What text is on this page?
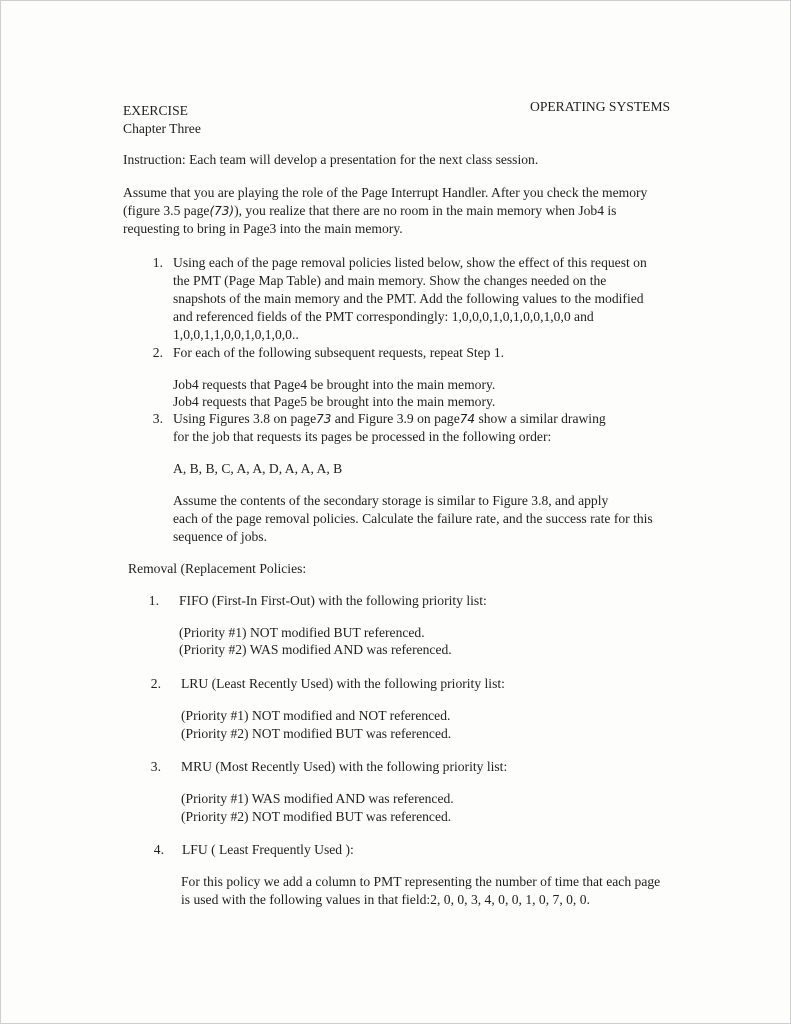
EXERCISE
Chapter Three
OPERATING SYSTEMS
Instruction: Each team will develop a presentation for the next class session.
Assume that you are playing the role of the Page Interrupt Handler. After you check the memory
(figure 3.5 page(73)), you realize that there are no room in the main memory when Job4 is
requesting to bring in Page3 into the main memory.
1. Using each of the page removal policies listed below, show the effect of this request on
the PMT (Page Map Table) and main memory. Show the changes needed on the
snapshots of the main memory and the PMT. Add the following values to the modified
and referenced fields of the PMT correspondingly: 1,0,0,0,1,0,1,0,0,1,0,0 and
1,0,0,1,1,0,0,1,0,1,0,0..
2. For each of the following subsequent requests, repeat Step 1.
Job4 requests that Page4 be brought into the main memory.
Job4 requests that Page5 be brought into the main memory.
3. Using Figures 3.8 on page73 and Figure 3.9 on page74 show a similar drawing
for the job that requests its pages be processed in the following order:
A, B, B, C, A, A, D, A, A, A, B
Assume the contents of the secondary storage is similar to Figure 3.8, and apply
each of the page removal policies. Calculate the failure rate, and the success rate for this
sequence of jobs.
Removal (Replacement Policies:
1. FIFO (First-In First-Out) with the following priority list:
(Priority #1) NOT modified BUT referenced.
(Priority #2) WAS modified AND was referenced.
2. LRU (Least Recently Used) with the following priority list:
(Priority #1) NOT modified and NOT referenced.
(Priority #2) NOT modified BUT was referenced.
3. MRU (Most Recently Used) with the following priority list:
(Priority #1) WAS modified AND was referenced.
(Priority #2) NOT modified BUT was referenced.
4. LFU ( Least Frequently Used ):
For this policy we add a column to PMT representing the number of time that each page
is used with the following values in that field:2, 0, 0, 3, 4, 0, 0, 1, 0, 7, 0, 0.
